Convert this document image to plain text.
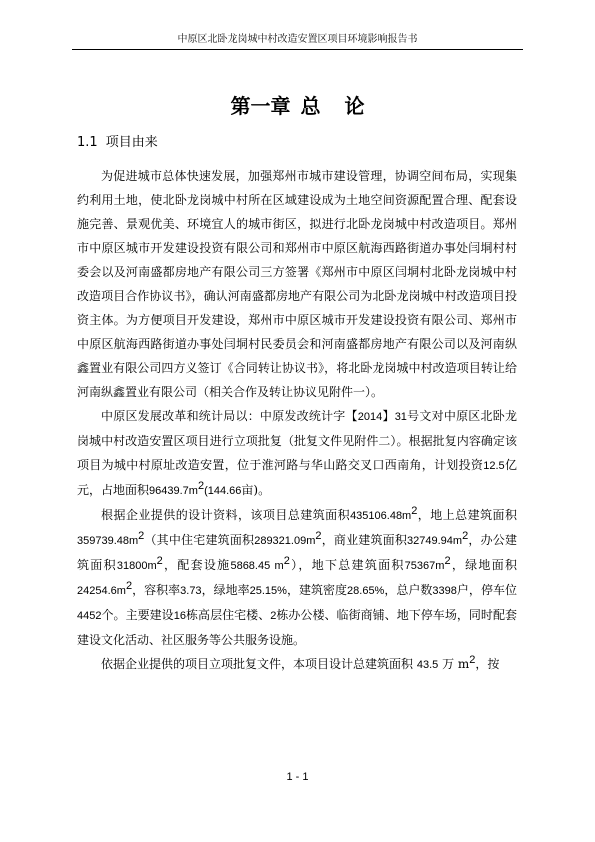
中原区北卧龙岗城中村改造安置区项目环境影响报告书
第一章 总 论
1.1 项目由来

为促进城市总体快速发展，加强郑州市城市建设管理，协调空间布局，实现集约利用土地，使北卧龙岗城中村所在区域建设成为土地空间资源配置合理、配套设施完善、景观优美、环境宜人的城市街区，拟进行北卧龙岗城中村改造项目。郑州市中原区城市开发建设投资有限公司和郑州市中原区航海西路街道办事处闫垌村村委会以及河南盛都房地产有限公司三方签署《郑州市中原区闫垌村北卧龙岗城中村改造项目合作协议书》，确认河南盛都房地产有限公司为北卧龙岗城中村改造项目投资主体。为方便项目开发建设，郑州市中原区城市开发建设投资有限公司、郑州市中原区航海西路街道办事处闫垌村民委员会和河南盛都房地产有限公司以及河南纵鑫置业有限公司四方义签订《合同转让协议书》，将北卧龙岗城中村改造项目转让给河南纵鑫置业有限公司（相关合作及转让协议见附件一）。

中原区发展改革和统计局以：中原发改统计字【2014】31号文对中原区北卧龙岗城中村改造安置区项目进行立项批复（批复文件见附件二）。根据批复内容确定该项目为城中村原址改造安置，位于淮河路与华山路交叉口西南角，计划投资12.5亿元，占地面积$96439.7m^2(144.66$亩)。

根据企业提供的设计资料，该项目总建筑面积$435106.48m^2$，地上总建筑面积$359739.48m^2$（其中住宅建筑面积$289321.09m^2$，商业建筑面积$32749.94m^2$，办公建筑面积$31800m^2$，配套设施5868.45 $m^2$），地下总建筑面积$75367m^2$，绿地面积$24254.6m^2$，容积率3.73，绿地率25.15%，建筑密度28.65%，总户数3398户，停车位4452个。主要建设16栋高层住宅楼、2栋办公楼、临街商铺、地下停车场，同时配套建设文化活动、社区服务等公共服务设施。

依据企业提供的项目立项批复文件，本项目设计总建筑面积 43.5 万 $m^2$，按

1 - 1
